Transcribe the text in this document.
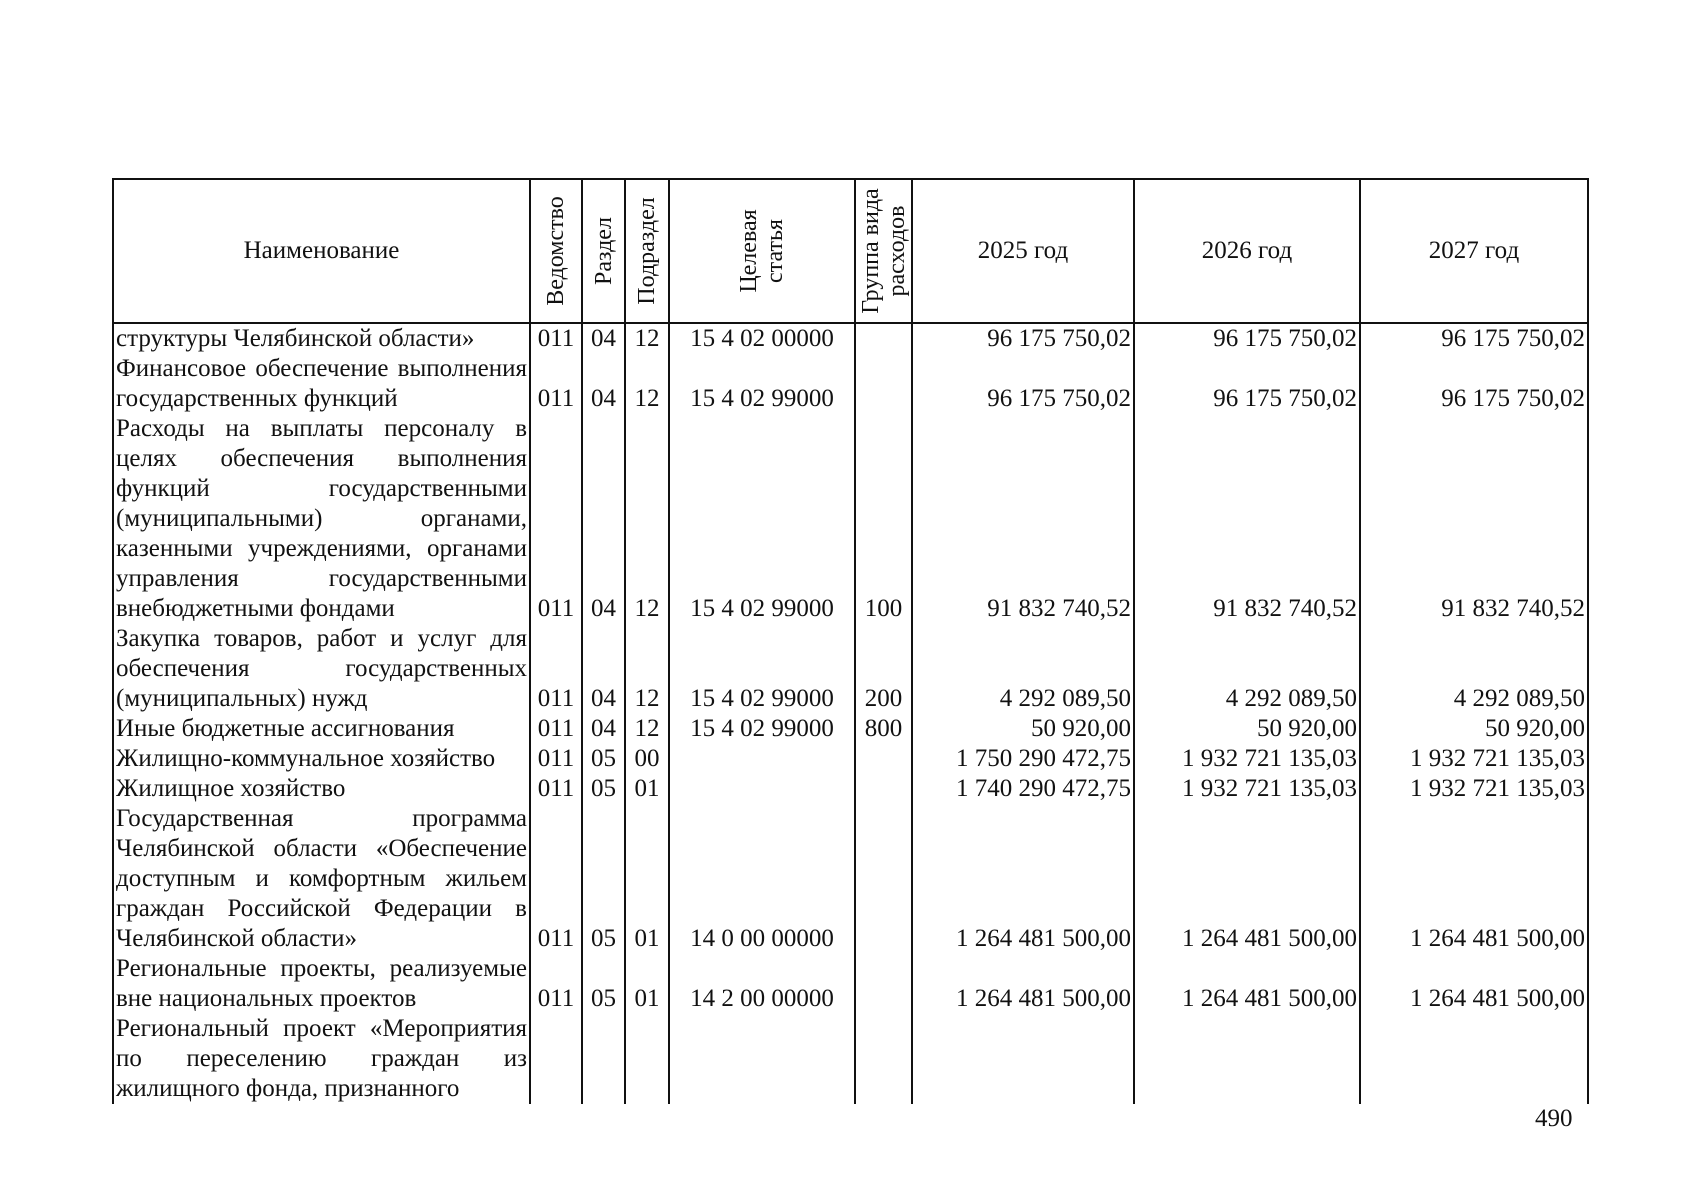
Наименование	Ведомство	Раздел	Подраздел	Целевая статья	Группа вида расходов	2025 год	2026 год	2027 год
структуры Челябинской области»	011	04	12	15 4 02 00000		96 175 750,02	96 175 750,02	96 175 750,02
Финансовое обеспечение выполнения государственных функций	011	04	12	15 4 02 99000		96 175 750,02	96 175 750,02	96 175 750,02
Расходы на выплаты персоналу в целях обеспечения выполнения функций государственными (муниципальными) органами, казенными учреждениями, органами управления государственными внебюджетными фондами	011	04	12	15 4 02 99000	100	91 832 740,52	91 832 740,52	91 832 740,52
Закупка товаров, работ и услуг для обеспечения государственных (муниципальных) нужд	011	04	12	15 4 02 99000	200	4 292 089,50	4 292 089,50	4 292 089,50
Иные бюджетные ассигнования	011	04	12	15 4 02 99000	800	50 920,00	50 920,00	50 920,00
Жилищно-коммунальное хозяйство	011	05	00			1 750 290 472,75	1 932 721 135,03	1 932 721 135,03
Жилищное хозяйство	011	05	01			1 740 290 472,75	1 932 721 135,03	1 932 721 135,03
Государственная программа Челябинской области «Обеспечение доступным и комфортным жильем граждан Российской Федерации в Челябинской области»	011	05	01	14 0 00 00000		1 264 481 500,00	1 264 481 500,00	1 264 481 500,00
Региональные проекты, реализуемые вне национальных проектов	011	05	01	14 2 00 00000		1 264 481 500,00	1 264 481 500,00	1 264 481 500,00
Региональный проект «Мероприятия по переселению граждан из жилищного фонда, признанного								
490
